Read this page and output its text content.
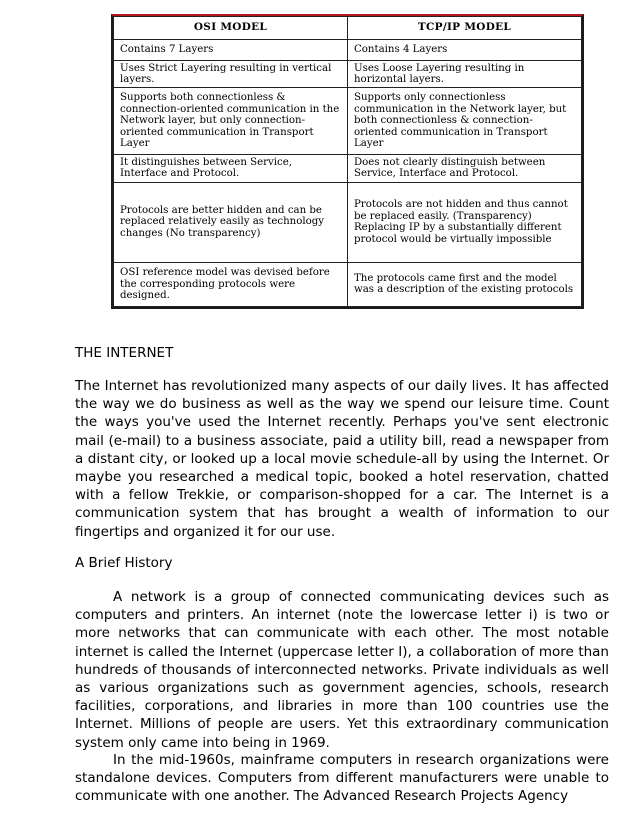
OSI MODEL	TCP/IP MODEL
Contains 7 Layers	Contains 4 Layers
Uses Strict Layering resulting in vertical layers.	Uses Loose Layering resulting in horizontal layers.
Supports both connectionless & connection-oriented communication in the Network layer, but only connection-oriented communication in Transport Layer	Supports only connectionless communication in the Network layer, but both connectionless & connection-oriented communication in Transport Layer
It distinguishes between Service, Interface and Protocol.	Does not clearly distinguish between Service, Interface and Protocol.
Protocols are better hidden and can be replaced relatively easily as technology changes (No transparency)	Protocols are not hidden and thus cannot be replaced easily. (Transparency) Replacing IP by a substantially different protocol would be virtually impossible
OSI reference model was devised before the corresponding protocols were designed.	The protocols came first and the model was a description of the existing protocols
THE INTERNET
The Internet has revolutionized many aspects of our daily lives. It has affected the way we do business as well as the way we spend our leisure time. Count the ways you've used the Internet recently. Perhaps you've sent electronic mail (e-mail) to a business associate, paid a utility bill, read a newspaper from a distant city, or looked up a local movie schedule-all by using the Internet. Or maybe you researched a medical topic, booked a hotel reservation, chatted with a fellow Trekkie, or comparison-shopped for a car. The Internet is a communication system that has brought a wealth of information to our fingertips and organized it for our use.
A Brief History
A network is a group of connected communicating devices such as computers and printers. An internet (note the lowercase letter i) is two or more networks that can communicate with each other. The most notable internet is called the Internet (uppercase letter I), a collaboration of more than hundreds of thousands of interconnected networks. Private individuals as well as various organizations such as government agencies, schools, research facilities, corporations, and libraries in more than 100 countries use the Internet. Millions of people are users. Yet this extraordinary communication system only came into being in 1969.
In the mid-1960s, mainframe computers in research organizations were standalone devices. Computers from different manufacturers were unable to communicate with one another. The Advanced Research Projects Agency
